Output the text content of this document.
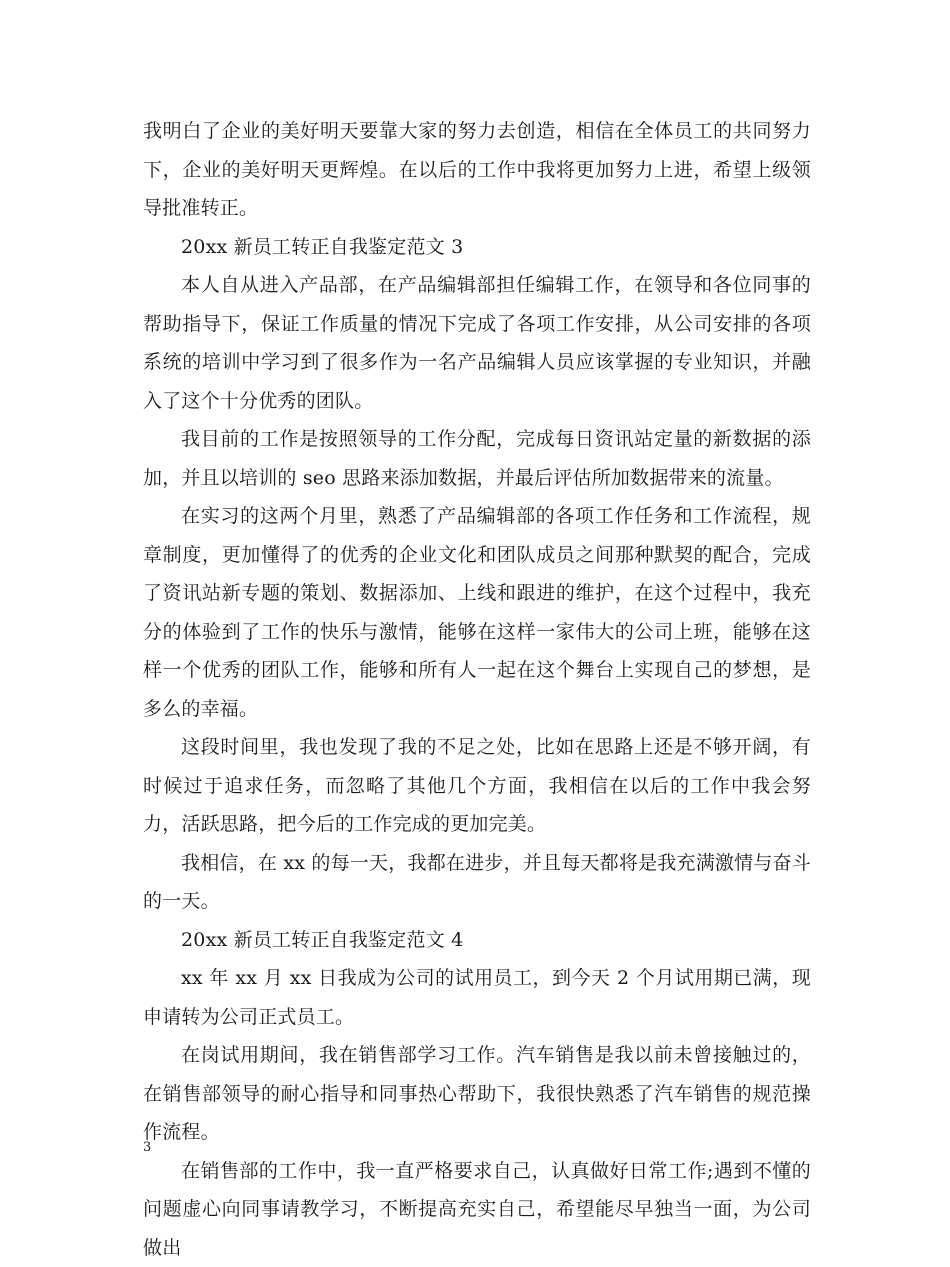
我明白了企业的美好明天要靠大家的努力去创造，相信在全体员工的共同努力下，企业的美好明天更辉煌。在以后的工作中我将更加努力上进，希望上级领导批准转正。

20xx 新员工转正自我鉴定范文 3

本人自从进入产品部，在产品编辑部担任编辑工作，在领导和各位同事的帮助指导下，保证工作质量的情况下完成了各项工作安排，从公司安排的各项系统的培训中学习到了很多作为一名产品编辑人员应该掌握的专业知识，并融入了这个十分优秀的团队。

我目前的工作是按照领导的工作分配，完成每日资讯站定量的新数据的添加，并且以培训的 seo 思路来添加数据，并最后评估所加数据带来的流量。

在实习的这两个月里，熟悉了产品编辑部的各项工作任务和工作流程，规章制度，更加懂得了的优秀的企业文化和团队成员之间那种默契的配合，完成了资讯站新专题的策划、数据添加、上线和跟进的维护，在这个过程中，我充分的体验到了工作的快乐与激情，能够在这样一家伟大的公司上班，能够在这样一个优秀的团队工作，能够和所有人一起在这个舞台上实现自己的梦想，是多么的幸福。

这段时间里，我也发现了我的不足之处，比如在思路上还是不够开阔，有时候过于追求任务，而忽略了其他几个方面，我相信在以后的工作中我会努力，活跃思路，把今后的工作完成的更加完美。

我相信，在 xx 的每一天，我都在进步，并且每天都将是我充满激情与奋斗的一天。

20xx 新员工转正自我鉴定范文 4

xx 年 xx 月 xx 日我成为公司的试用员工，到今天 2 个月试用期已满，现申请转为公司正式员工。

在岗试用期间，我在销售部学习工作。汽车销售是我以前未曾接触过的，在销售部领导的耐心指导和同事热心帮助下，我很快熟悉了汽车销售的规范操作流程。

在销售部的工作中，我一直严格要求自己，认真做好日常工作;遇到不懂的问题虚心向同事请教学习，不断提高充实自己，希望能尽早独当一面，为公司做出

3
